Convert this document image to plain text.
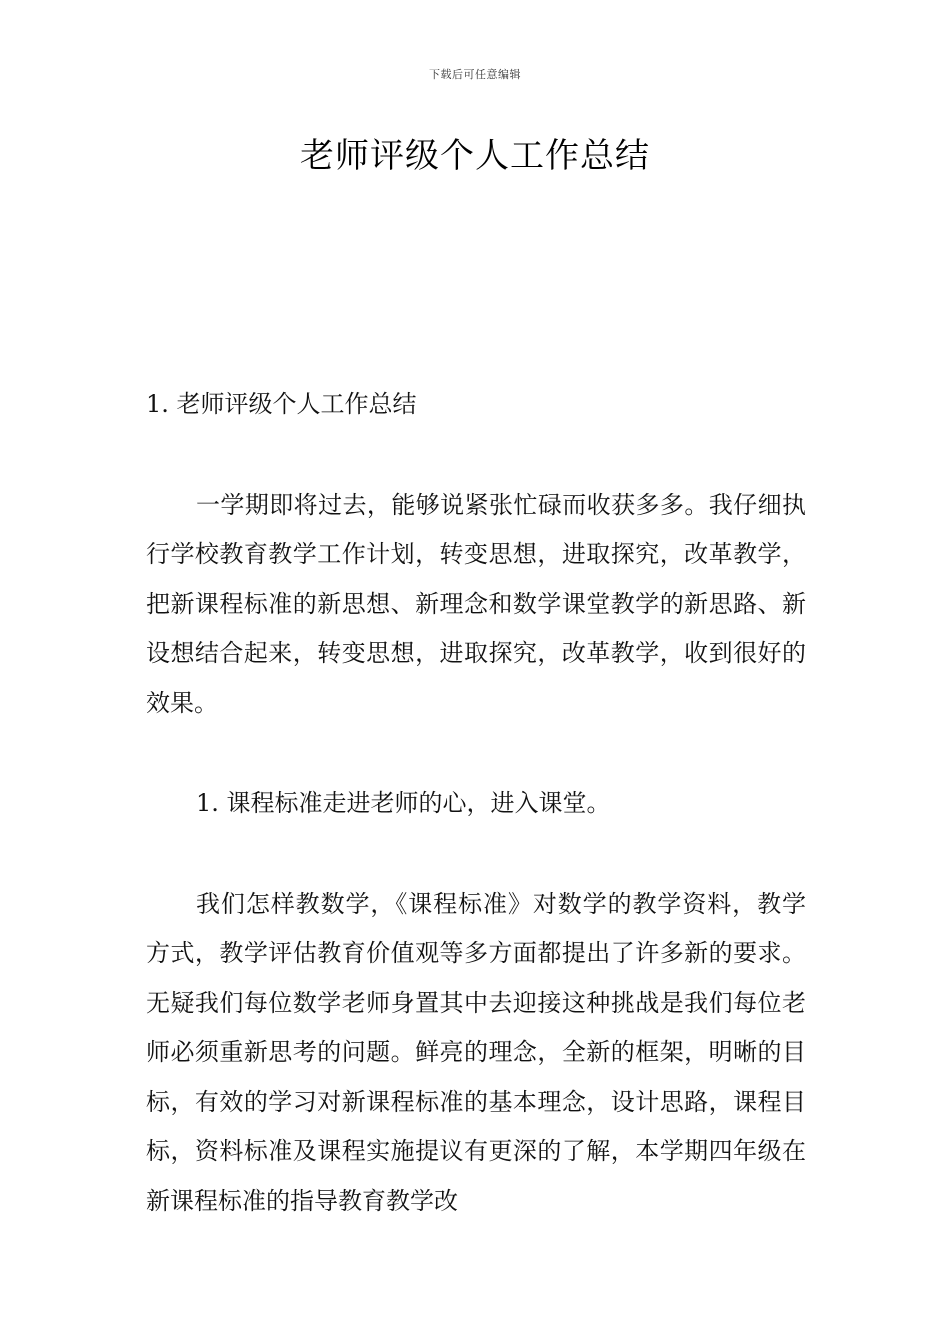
下载后可任意编辑
老师评级个人工作总结

1. 老师评级个人工作总结

一学期即将过去，能够说紧张忙碌而收获多多。我仔细执行学校教育教学工作计划，转变思想，进取探究，改革教学，把新课程标准的新思想、新理念和数学课堂教学的新思路、新设想结合起来，转变思想，进取探究，改革教学，收到很好的效果。

1. 课程标准走进老师的心，进入课堂。

我们怎样教数学，《课程标准》对数学的教学资料，教学方式，教学评估教育价值观等多方面都提出了许多新的要求。无疑我们每位数学老师身置其中去迎接这种挑战是我们每位老师必须重新思考的问题。鲜亮的理念，全新的框架，明晰的目标，有效的学习对新课程标准的基本理念，设计思路，课程目标，资料标准及课程实施提议有更深的了解，本学期四年级在新课程标准的指导教育教学改
